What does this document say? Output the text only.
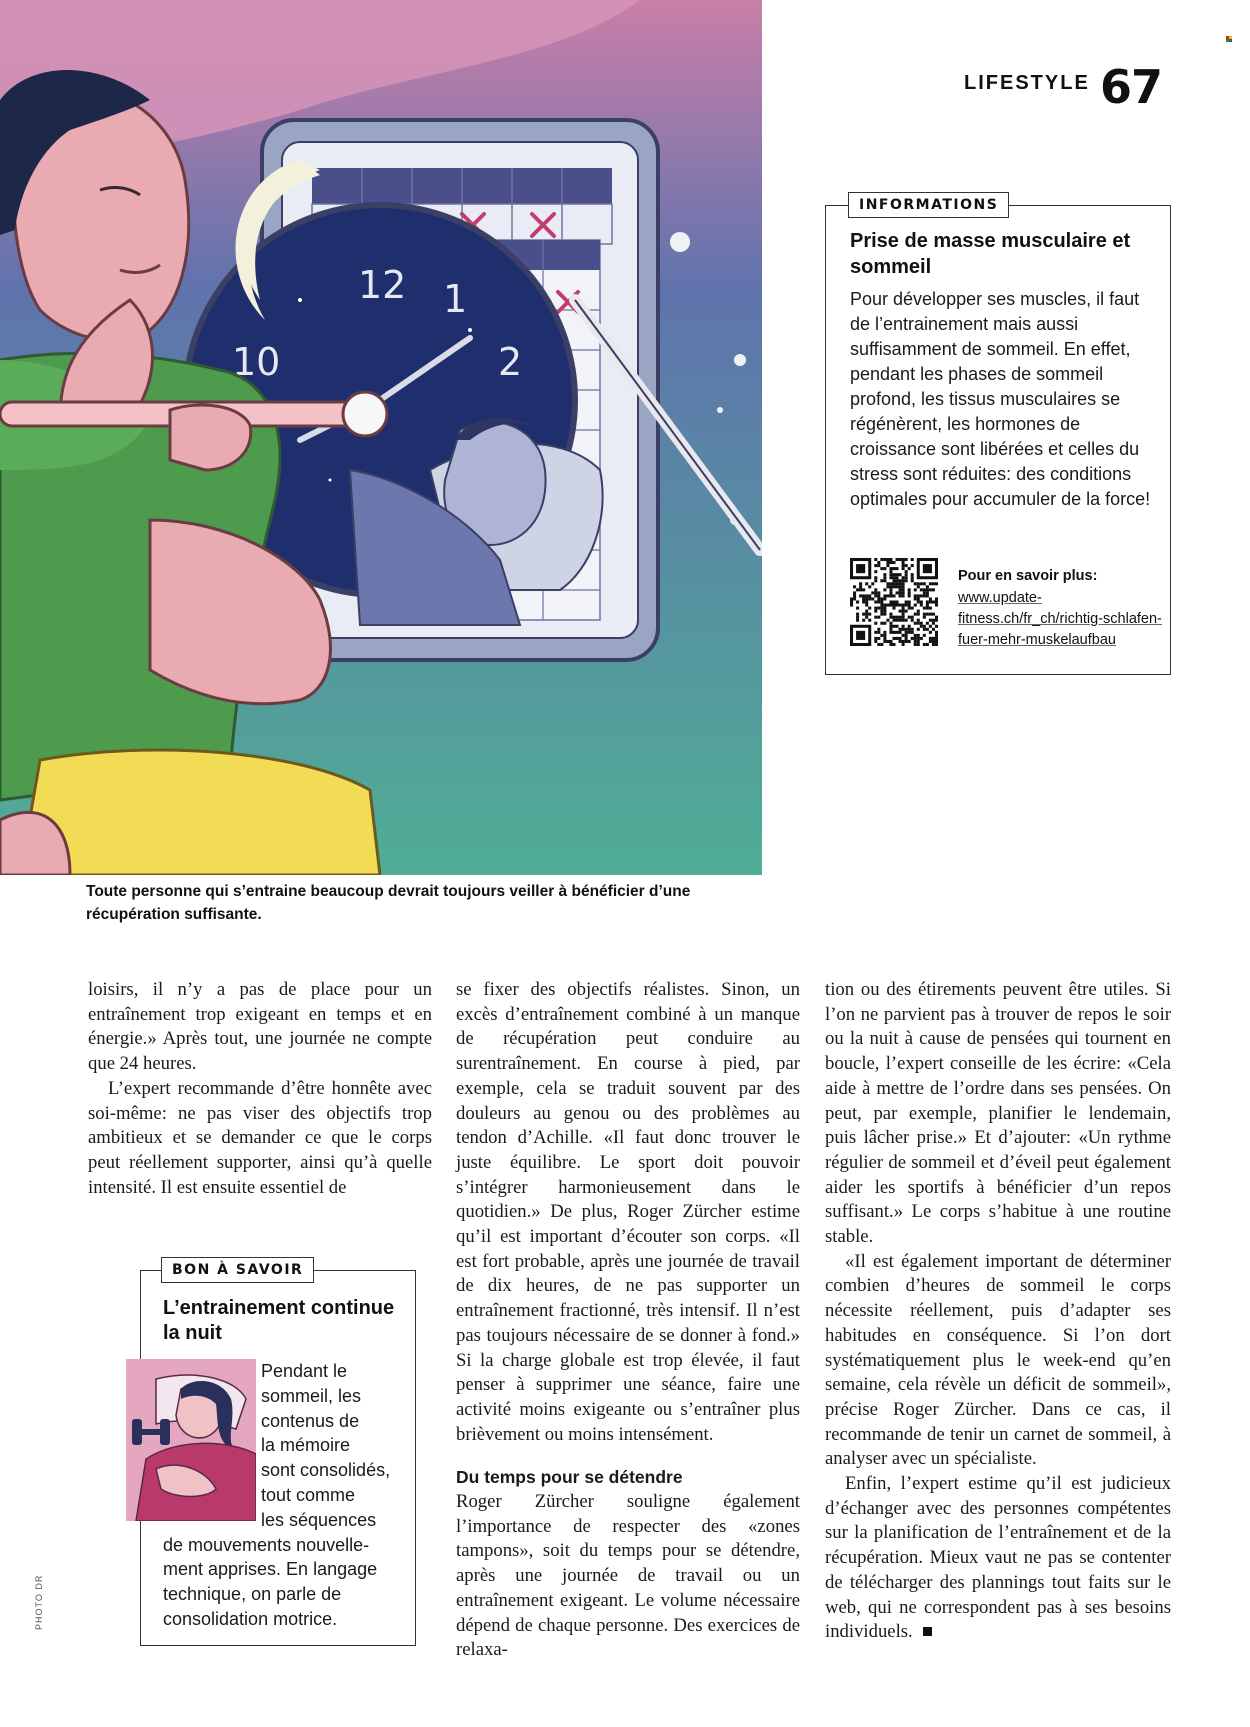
12 1
2
10
LIFESTYLE 67
INFORMATIONS
Prise de masse musculaire et sommeil
Pour développer ses muscles, il faut de l’entrainement mais aussi suffisamment de sommeil. En effet, pendant les phases de sommeil profond, les tissus musculaires se régénèrent, les hormones de croissance sont libérées et celles du stress sont réduites: des conditions optimales pour accumuler de la force!
Pour en savoir plus:
www.update-fitness.ch/fr_ch/richtig-schlafen-fuer-mehr-muskelaufbau
Toute personne qui s’entraine beaucoup devrait toujours veiller à bénéficier d’une récupération suffisante.

loisirs, il n’y a pas de place pour un entraînement trop exigeant en temps et en énergie.» Après tout, une journée ne compte que 24 heures.

L’expert recommande d’être honnête avec soi-même: ne pas viser des objectifs trop ambitieux et se demander ce que le corps peut réellement supporter, ainsi qu’à quelle intensité. Il est ensuite essentiel de

se fixer des objectifs réalistes. Sinon, un excès d’entraînement combiné à un manque de récupération peut conduire au surentraînement. En course à pied, par exemple, cela se traduit souvent par des douleurs au genou ou des problèmes au tendon d’Achille. «Il faut donc trouver le juste équilibre. Le sport doit pouvoir s’intégrer harmonieusement dans le quotidien.» De plus, Roger Zürcher estime qu’il est important d’écouter son corps. «Il est fort probable, après une journée de travail de dix heures, de ne pas supporter un entraînement fractionné, très intensif. Il n’est pas toujours nécessaire de se donner à fond.» Si la charge globale est trop élevée, il faut penser à supprimer une séance, faire une activité moins exigeante ou s’entraîner plus brièvement ou moins intensément.

Du temps pour se détendre

Roger Zürcher souligne également l’importance de respecter des «zones tampons», soit du temps pour se détendre, après une journée de travail ou un entraînement exigeant. Le volume nécessaire dépend de chaque personne. Des exercices de relaxa-

tion ou des étirements peuvent être utiles. Si l’on ne parvient pas à trouver de repos le soir ou la nuit à cause de pensées qui tournent en boucle, l’expert conseille de les écrire: «Cela aide à mettre de l’ordre dans ses pensées. On peut, par exemple, planifier le lendemain, puis lâcher prise.» Et d’ajouter: «Un rythme régulier de sommeil et d’éveil peut également aider les sportifs à bénéficier d’un repos suffisant.» Le corps s’habitue à une routine stable.

«Il est également important de déterminer combien d’heures de sommeil le corps nécessite réellement, puis d’adapter ses habitudes en conséquence. Si l’on dort systématiquement plus le week-end qu’en semaine, cela révèle un déficit de sommeil», précise Roger Zürcher. Dans ce cas, il recommande de tenir un carnet de sommeil, à analyser avec un spécialiste.

Enfin, l’expert estime qu’il est judicieux d’échanger avec des personnes compétentes sur la planification de l’entraînement et de la récupération. Mieux vaut ne pas se contenter de télécharger des plannings tout faits sur le web, qui ne correspondent pas à ses besoins individuels.

BON À SAVOIR
L’entrainement continue la nuit
Pendant le
sommeil, les
contenus de
la mémoire
sont consolidés,
tout comme
les séquences
de mouvements nouvelle-
ment apprises. En langage
technique, on parle de
consolidation motrice.
PHOTO DR
